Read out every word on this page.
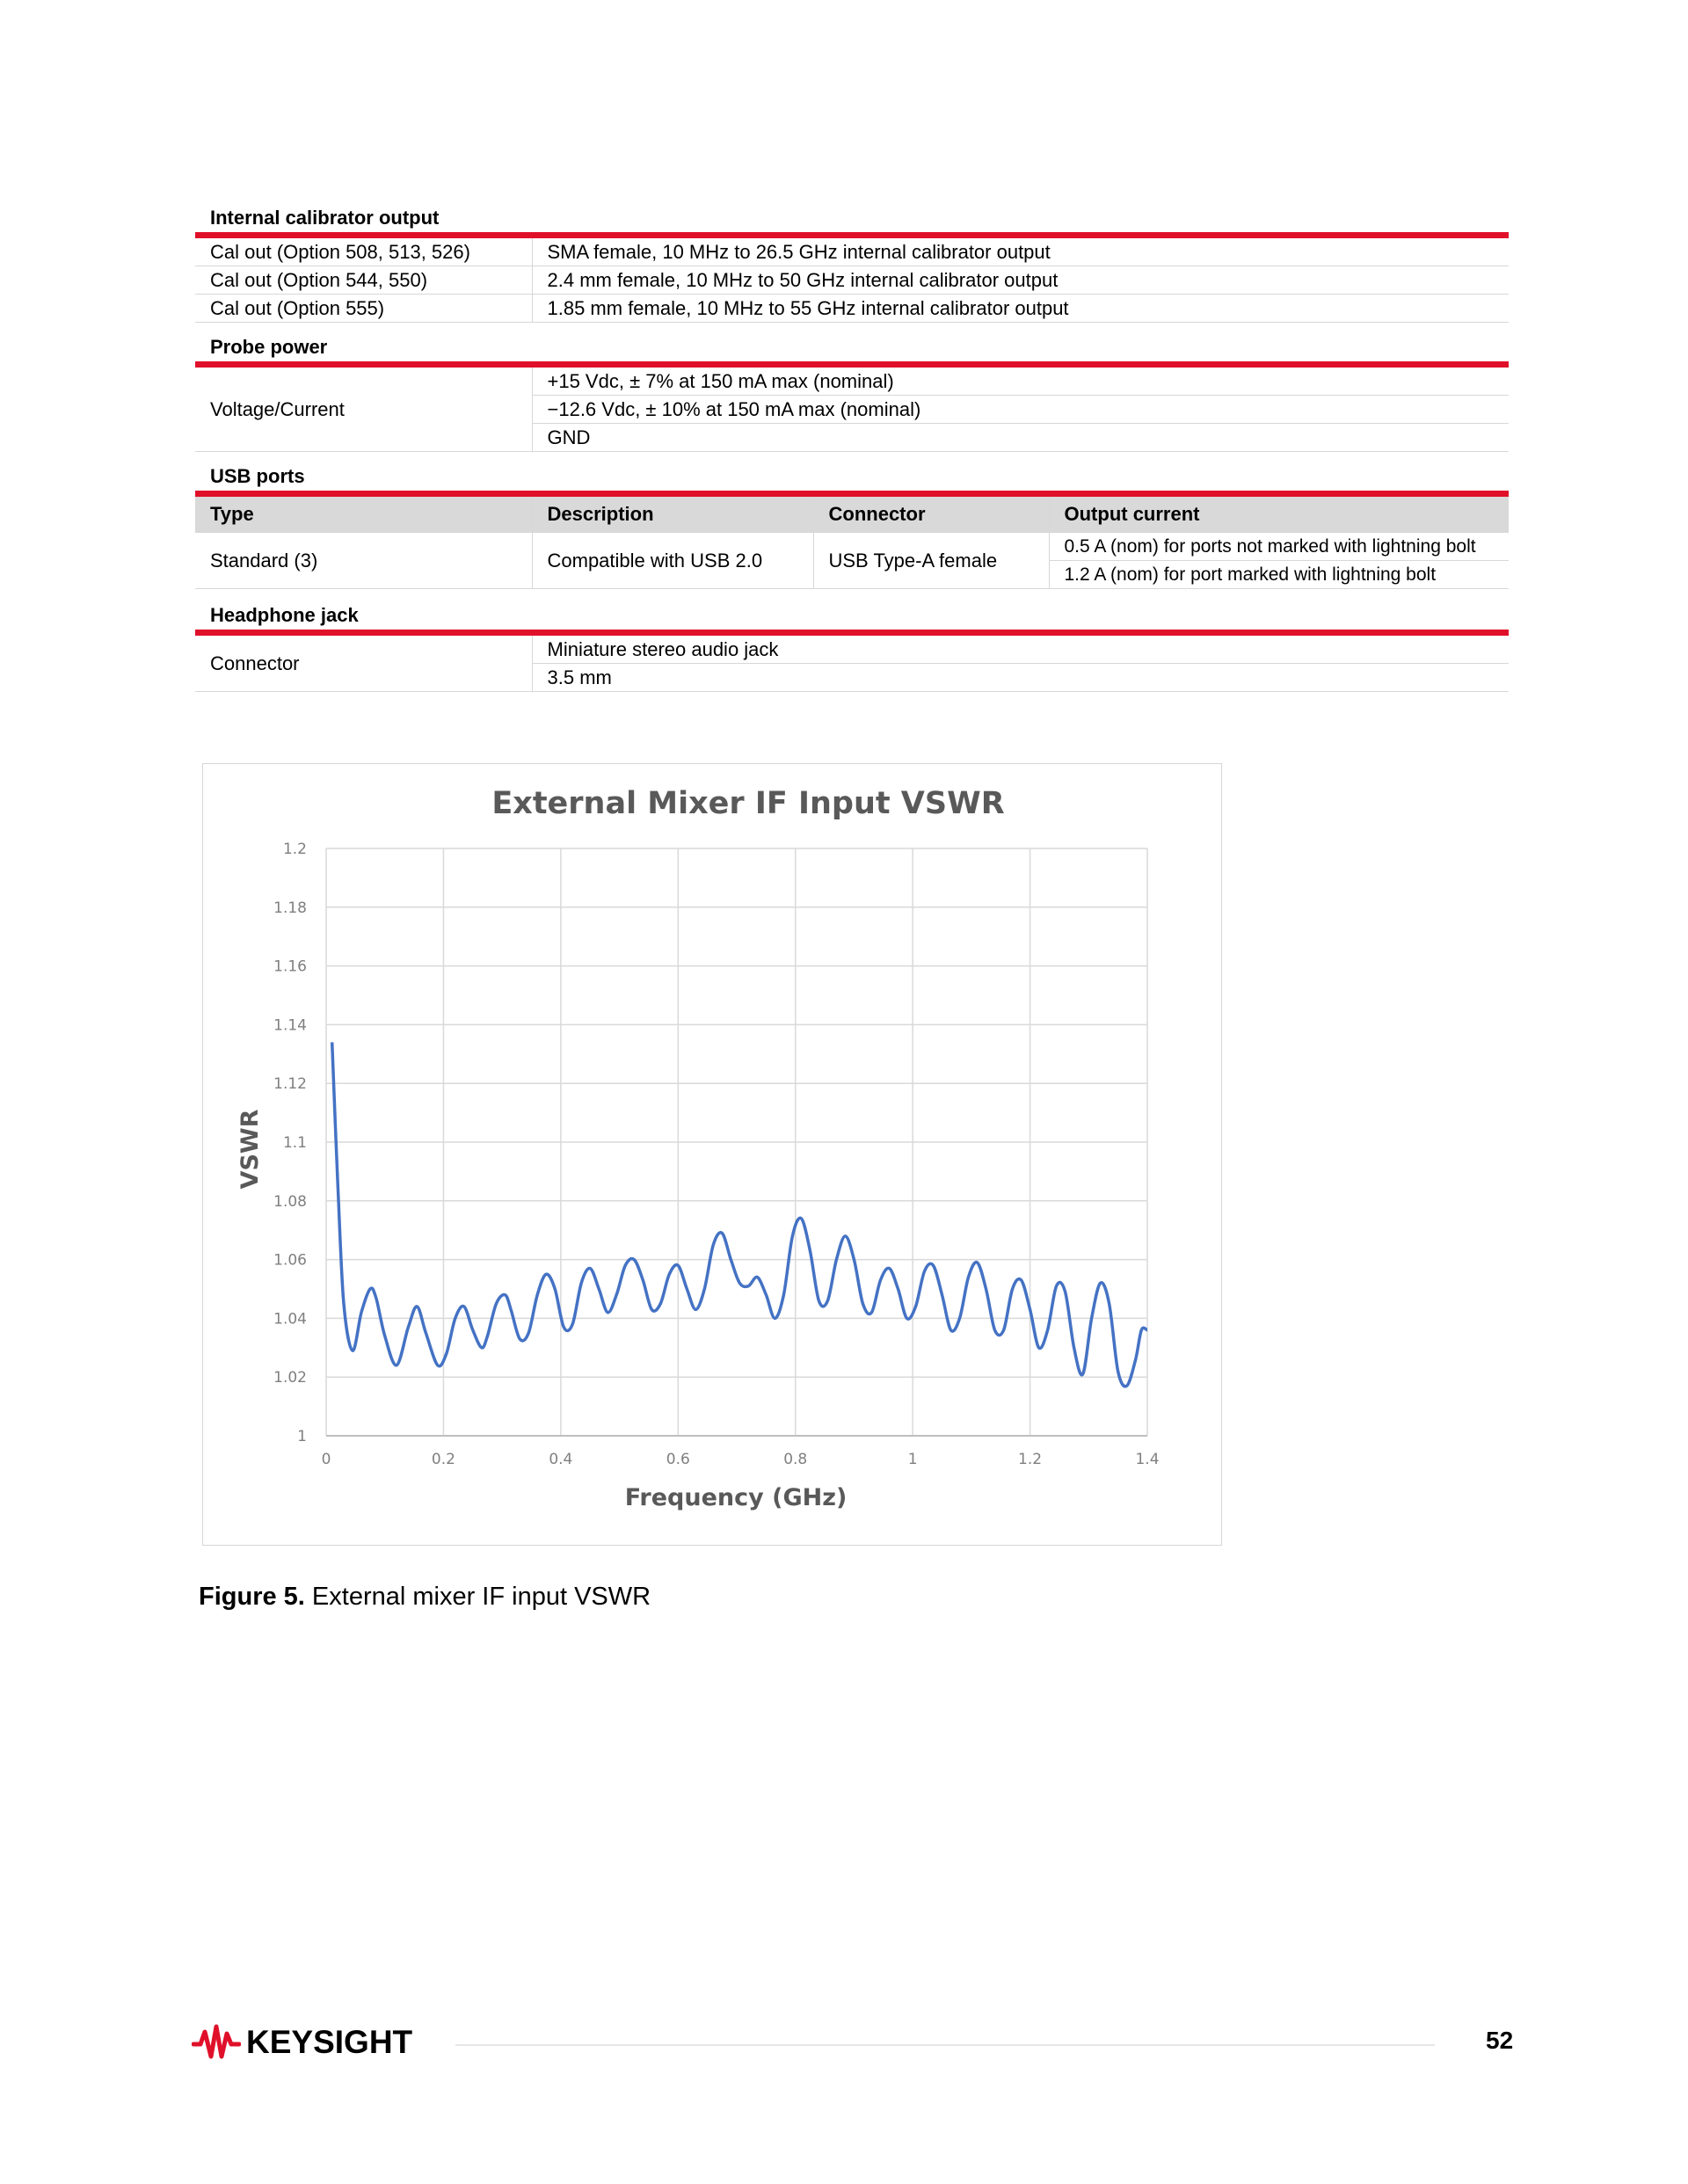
Internal calibrator output
Cal out (Option 508, 513, 526)	SMA female, 10 MHz to 26.5 GHz internal calibrator output
Cal out (Option 544, 550)	2.4 mm female, 10 MHz to 50 GHz internal calibrator output
Cal out (Option 555)	1.85 mm female, 10 MHz to 55 GHz internal calibrator output
Probe power
Voltage/Current	+15 Vdc, ± 7% at 150 mA max (nominal)
−12.6 Vdc, ± 10% at 150 mA max (nominal)
GND
USB ports
Type	Description	Connector	Output current
Standard (3)	Compatible with USB 2.0	USB Type-A female	0.5 A (nom) for ports not marked with lightning bolt
			1.2 A (nom) for port marked with lightning bolt
Headphone jack
Connector	Miniature stereo audio jack
3.5 mm
External Mixer IF Input VSWR
1
1.02
1.04
1.06
1.08
1.1
1.12
1.14
1.16
1.18
1.2
0	0.2	0.4	0.6	0.8	1	1.2	1.4
Frequency (GHz)
VSWR
Figure 5. External mixer IF input VSWR
KEYSIGHT	52
